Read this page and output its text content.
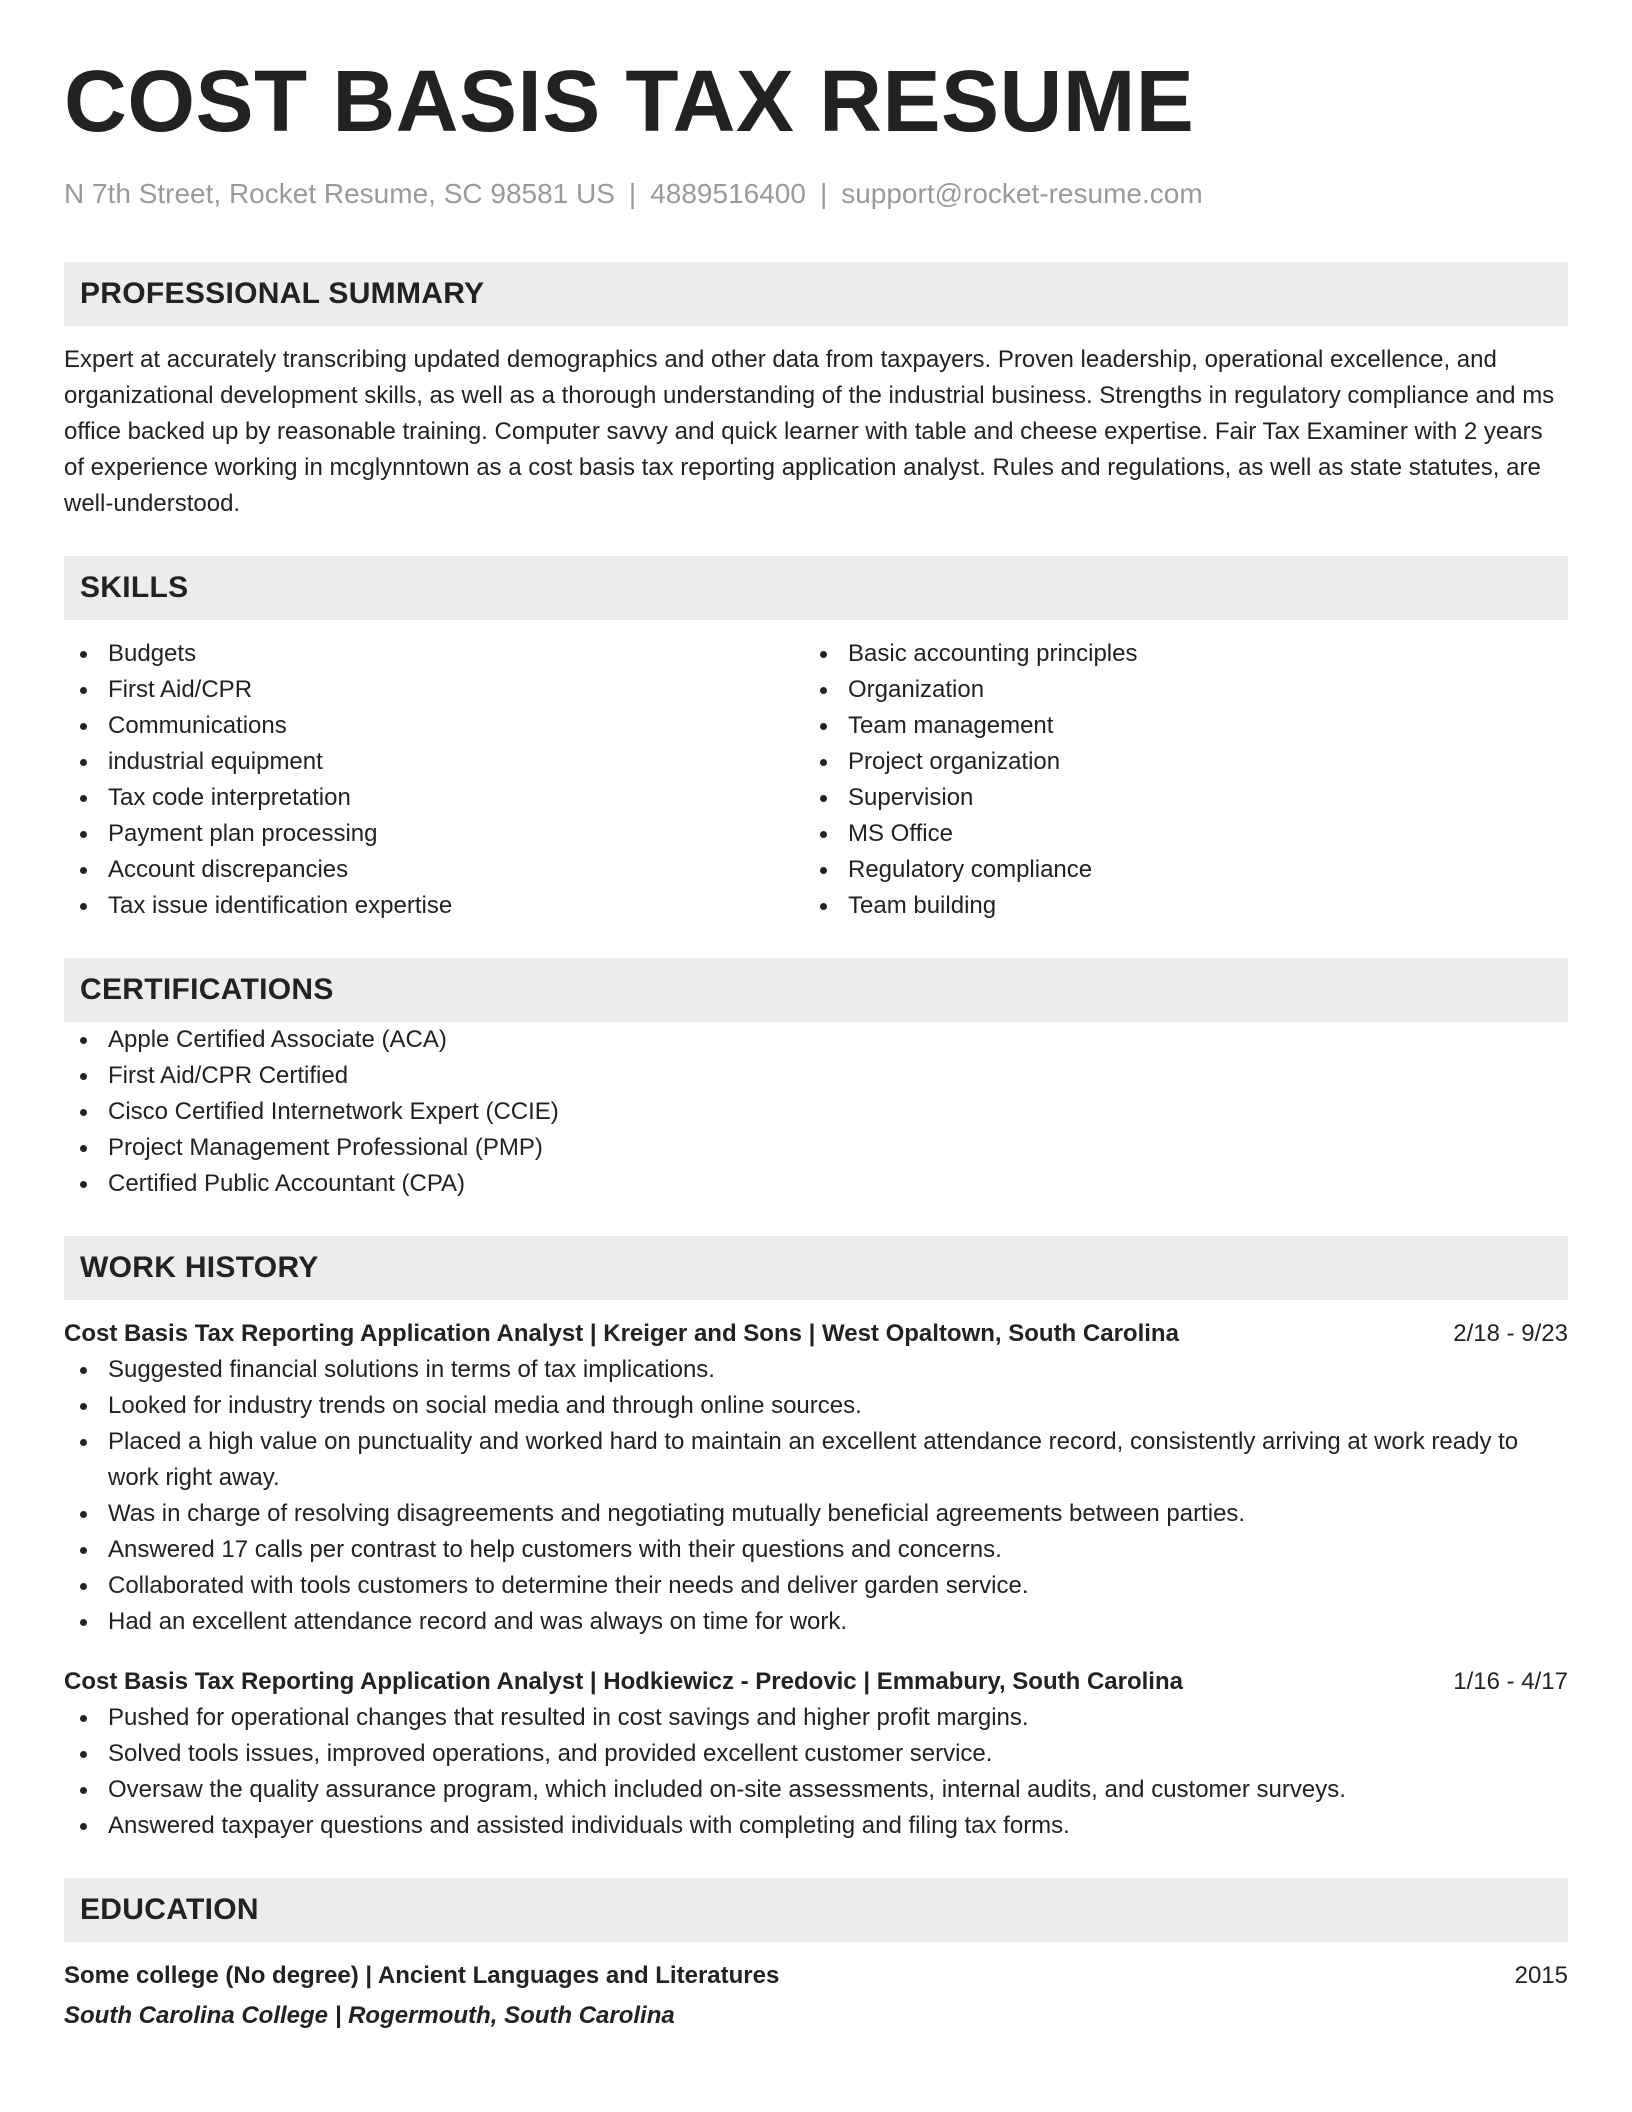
COST BASIS TAX RESUME
N 7th Street, Rocket Resume, SC 98581 US | 4889516400 | support@rocket-resume.com
PROFESSIONAL SUMMARY
Expert at accurately transcribing updated demographics and other data from taxpayers. Proven leadership, operational excellence, and organizational development skills, as well as a thorough understanding of the industrial business. Strengths in regulatory compliance and ms office backed up by reasonable training. Computer savvy and quick learner with table and cheese expertise. Fair Tax Examiner with 2 years of experience working in mcglynntown as a cost basis tax reporting application analyst. Rules and regulations, as well as state statutes, are well-understood.
SKILLS
Budgets
First Aid/CPR
Communications
industrial equipment
Tax code interpretation
Payment plan processing
Account discrepancies
Tax issue identification expertise
Basic accounting principles
Organization
Team management
Project organization
Supervision
MS Office
Regulatory compliance
Team building
CERTIFICATIONS
Apple Certified Associate (ACA)
First Aid/CPR Certified
Cisco Certified Internetwork Expert (CCIE)
Project Management Professional (PMP)
Certified Public Accountant (CPA)
WORK HISTORY
Cost Basis Tax Reporting Application Analyst | Kreiger and Sons | West Opaltown, South Carolina	2/18 - 9/23
Suggested financial solutions in terms of tax implications.
Looked for industry trends on social media and through online sources.
Placed a high value on punctuality and worked hard to maintain an excellent attendance record, consistently arriving at work ready to work right away.
Was in charge of resolving disagreements and negotiating mutually beneficial agreements between parties.
Answered 17 calls per contrast to help customers with their questions and concerns.
Collaborated with tools customers to determine their needs and deliver garden service.
Had an excellent attendance record and was always on time for work.
Cost Basis Tax Reporting Application Analyst | Hodkiewicz - Predovic | Emmabury, South Carolina	1/16 - 4/17
Pushed for operational changes that resulted in cost savings and higher profit margins.
Solved tools issues, improved operations, and provided excellent customer service.
Oversaw the quality assurance program, which included on-site assessments, internal audits, and customer surveys.
Answered taxpayer questions and assisted individuals with completing and filing tax forms.
EDUCATION
Some college (No degree) | Ancient Languages and Literatures	2015
South Carolina College | Rogermouth, South Carolina
